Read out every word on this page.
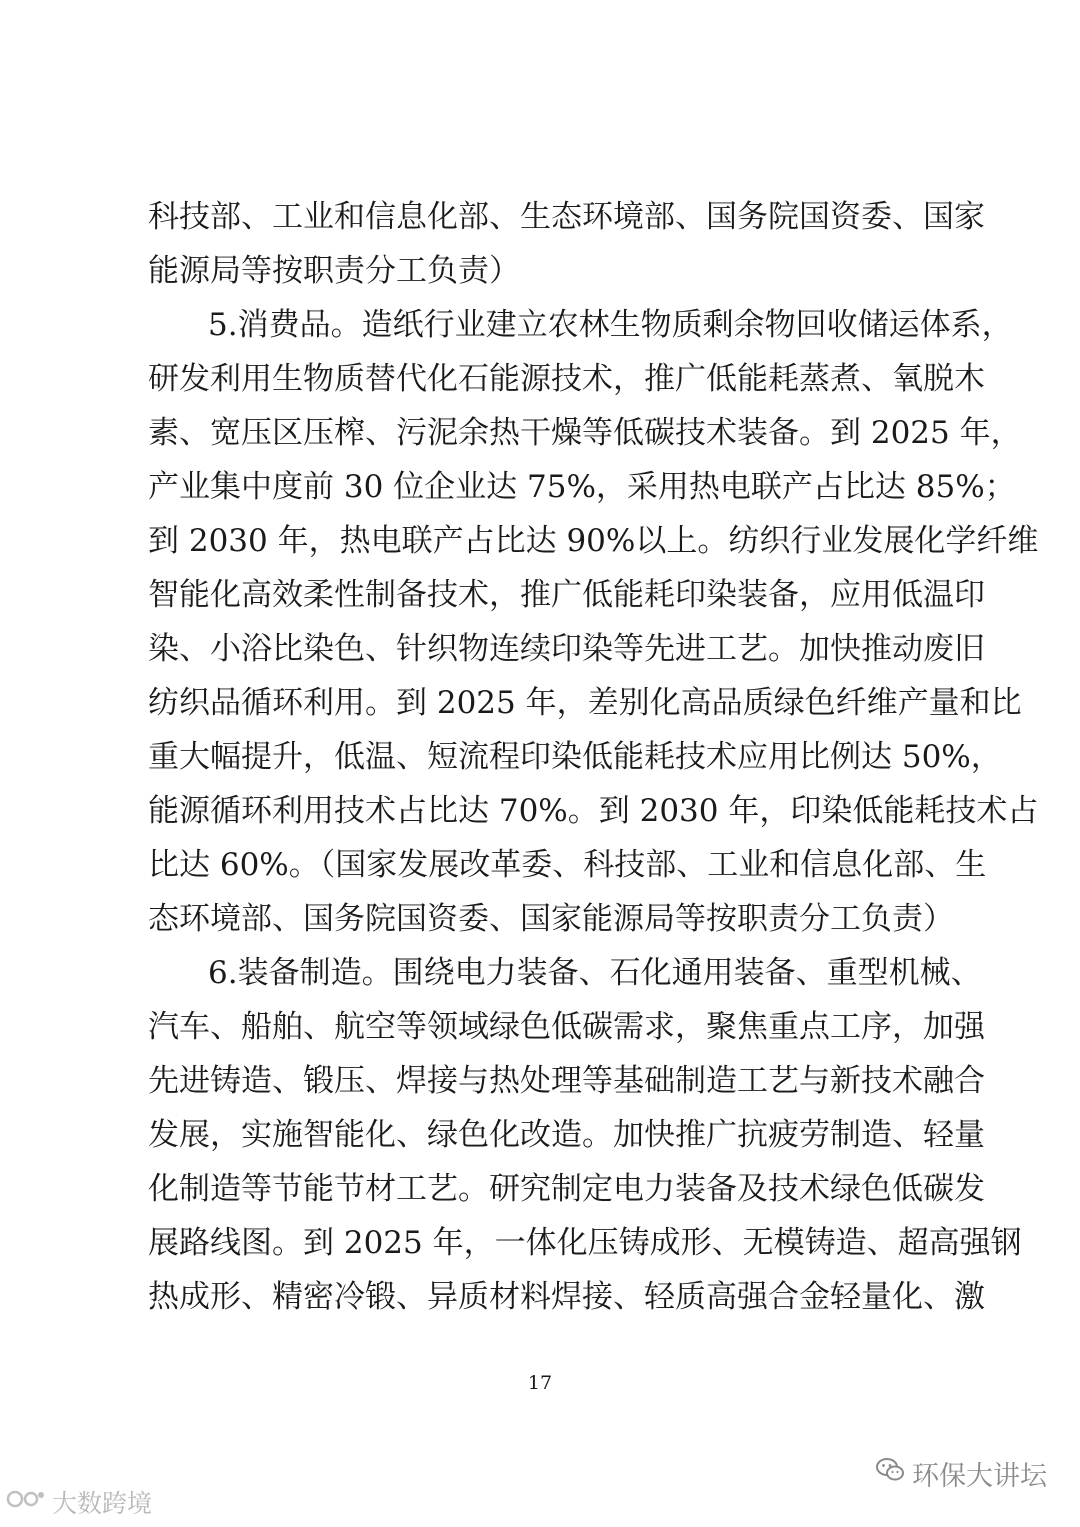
科技部、工业和信息化部、生态环境部、国务院国资委、国家
能源局等按职责分工负责）
5.消费品。造纸行业建立农林生物质剩余物回收储运体系，
研发利用生物质替代化石能源技术，推广低能耗蒸煮、氧脱木
素、宽压区压榨、污泥余热干燥等低碳技术装备。到 2025 年，
产业集中度前 30 位企业达 75%，采用热电联产占比达 85%；
到 2030 年，热电联产占比达 90%以上。纺织行业发展化学纤维
智能化高效柔性制备技术，推广低能耗印染装备，应用低温印
染、小浴比染色、针织物连续印染等先进工艺。加快推动废旧
纺织品循环利用。到 2025 年，差别化高品质绿色纤维产量和比
重大幅提升，低温、短流程印染低能耗技术应用比例达 50%，
能源循环利用技术占比达 70%。到 2030 年，印染低能耗技术占
比达 60%。（国家发展改革委、科技部、工业和信息化部、生
态环境部、国务院国资委、国家能源局等按职责分工负责）
6.装备制造。围绕电力装备、石化通用装备、重型机械、
汽车、船舶、航空等领域绿色低碳需求，聚焦重点工序，加强
先进铸造、锻压、焊接与热处理等基础制造工艺与新技术融合
发展，实施智能化、绿色化改造。加快推广抗疲劳制造、轻量
化制造等节能节材工艺。研究制定电力装备及技术绿色低碳发
展路线图。到 2025 年，一体化压铸成形、无模铸造、超高强钢
热成形、精密冷锻、异质材料焊接、轻质高强合金轻量化、激
17
环保大讲坛
大数跨境
